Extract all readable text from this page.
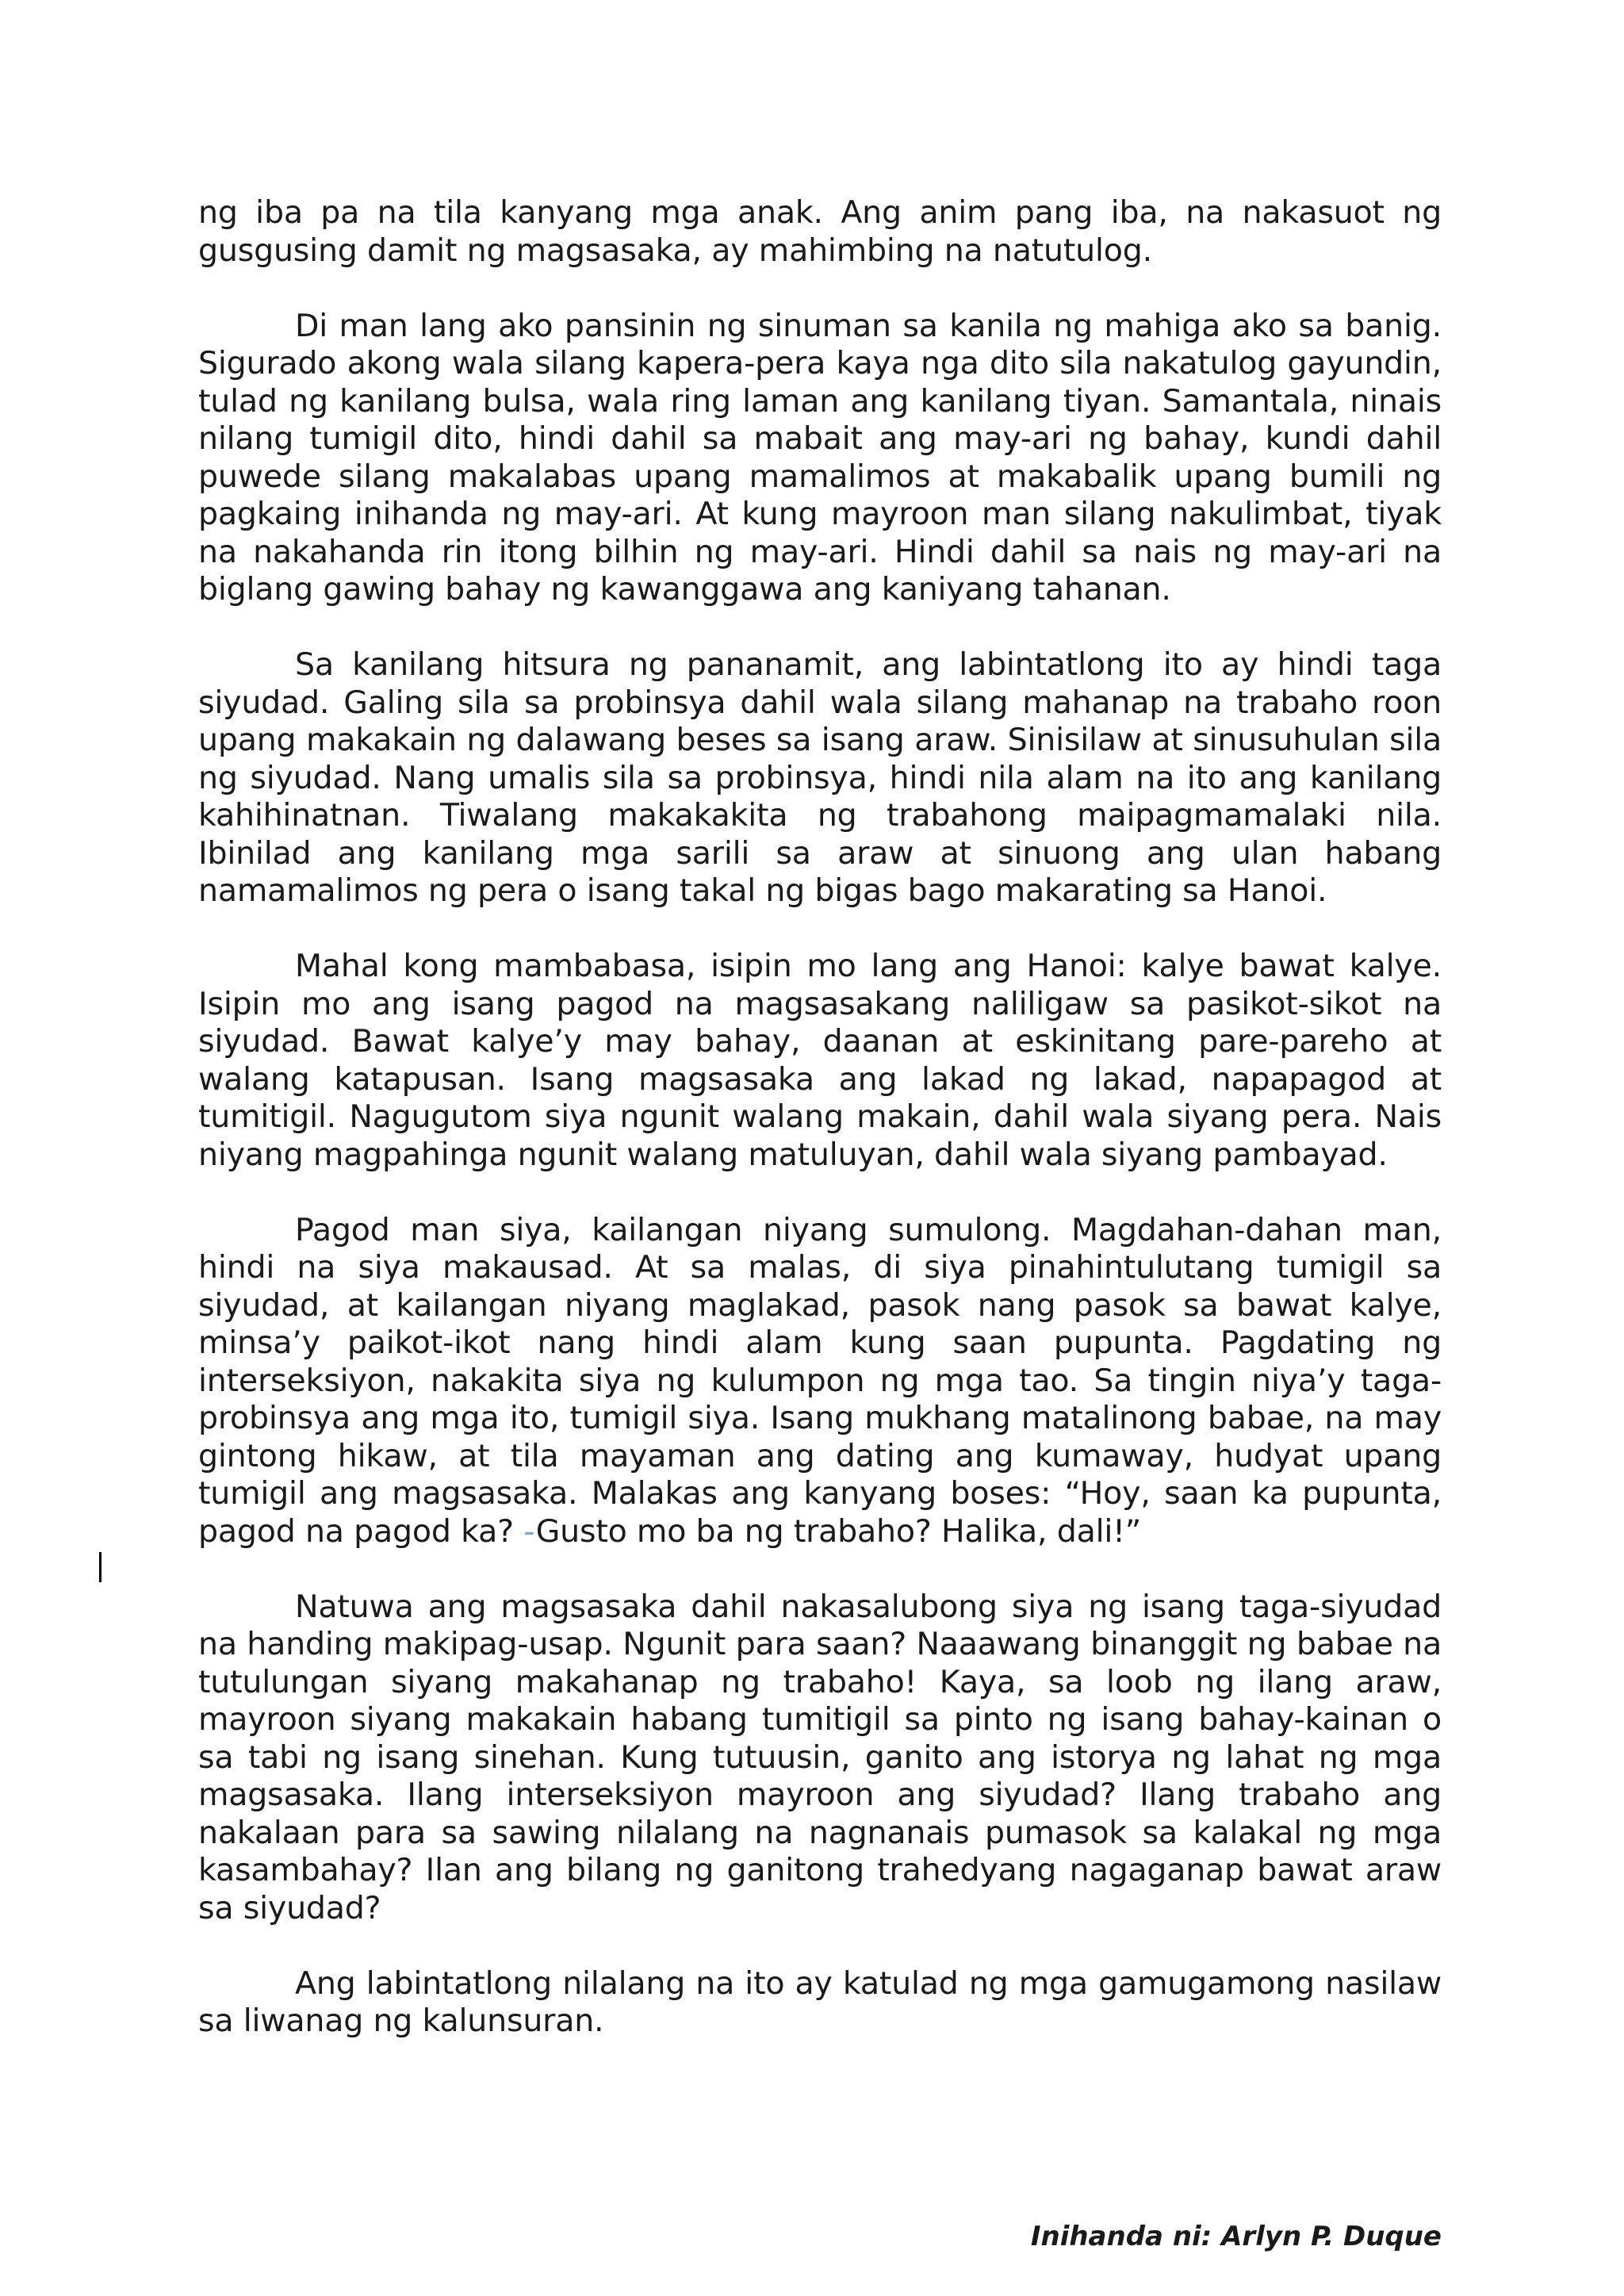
ng iba pa na tila kanyang mga anak. Ang anim pang iba, na nakasuot ng gusgusing damit ng magsasaka, ay mahimbing na natutulog.

Di man lang ako pansinin ng sinuman sa kanila ng mahiga ako sa banig. Sigurado akong wala silang kapera-pera kaya nga dito sila nakatulog gayundin, tulad ng kanilang bulsa, wala ring laman ang kanilang tiyan. Samantala, ninais nilang tumigil dito, hindi dahil sa mabait ang may-ari ng bahay, kundi dahil puwede silang makalabas upang mamalimos at makabalik upang bumili ng pagkaing inihanda ng may-ari. At kung mayroon man silang nakulimbat, tiyak na nakahanda rin itong bilhin ng may-ari. Hindi dahil sa nais ng may-ari na biglang gawing bahay ng kawanggawa ang kaniyang tahanan.

Sa kanilang hitsura ng pananamit, ang labintatlong ito ay hindi taga siyudad. Galing sila sa probinsya dahil wala silang mahanap na trabaho roon upang makakain ng dalawang beses sa isang araw. Sinisilaw at sinusuhulan sila ng siyudad. Nang umalis sila sa probinsya, hindi nila alam na ito ang kanilang kahihinatnan. Tiwalang makakakita ng trabahong maipagmamalaki nila. Ibinilad ang kanilang mga sarili sa araw at sinuong ang ulan habang namamalimos ng pera o isang takal ng bigas bago makarating sa Hanoi.

Mahal kong mambabasa, isipin mo lang ang Hanoi: kalye bawat kalye. Isipin mo ang isang pagod na magsasakang naliligaw sa pasikot-sikot na siyudad. Bawat kalye’y may bahay, daanan at eskinitang pare-pareho at walang katapusan. Isang magsasaka ang lakad ng lakad, napapagod at tumitigil. Nagugutom siya ngunit walang makain, dahil wala siyang pera. Nais niyang magpahinga ngunit walang matuluyan, dahil wala siyang pambayad.

Pagod man siya, kailangan niyang sumulong. Magdahan-dahan man, hindi na siya makausad. At sa malas, di siya pinahintulutang tumigil sa siyudad, at kailangan niyang maglakad, pasok nang pasok sa bawat kalye, minsa’y paikot-ikot nang hindi alam kung saan pupunta. Pagdating ng interseksiyon, nakakita siya ng kulumpon ng mga tao. Sa tingin niya’y taga-probinsya ang mga ito, tumigil siya. Isang mukhang matalinong babae, na may gintong hikaw, at tila mayaman ang dating ang kumaway, hudyat upang tumigil ang magsasaka. Malakas ang kanyang boses: “Hoy, saan ka pupunta, pagod na pagod ka? -Gusto mo ba ng trabaho? Halika, dali!”

Natuwa ang magsasaka dahil nakasalubong siya ng isang taga-siyudad na handing makipag-usap. Ngunit para saan? Naaawang binanggit ng babae na tutulungan siyang makahanap ng trabaho! Kaya, sa loob ng ilang araw, mayroon siyang makakain habang tumitigil sa pinto ng isang bahay-kainan o sa tabi ng isang sinehan. Kung tutuusin, ganito ang istorya ng lahat ng mga magsasaka. Ilang interseksiyon mayroon ang siyudad? Ilang trabaho ang nakalaan para sa sawing nilalang na nagnanais pumasok sa kalakal ng mga kasambahay? Ilan ang bilang ng ganitong trahedyang nagaganap bawat araw sa siyudad?

Ang labintatlong nilalang na ito ay katulad ng mga gamugamong nasilaw sa liwanag ng kalunsuran.

Inihanda ni: Arlyn P. Duque
